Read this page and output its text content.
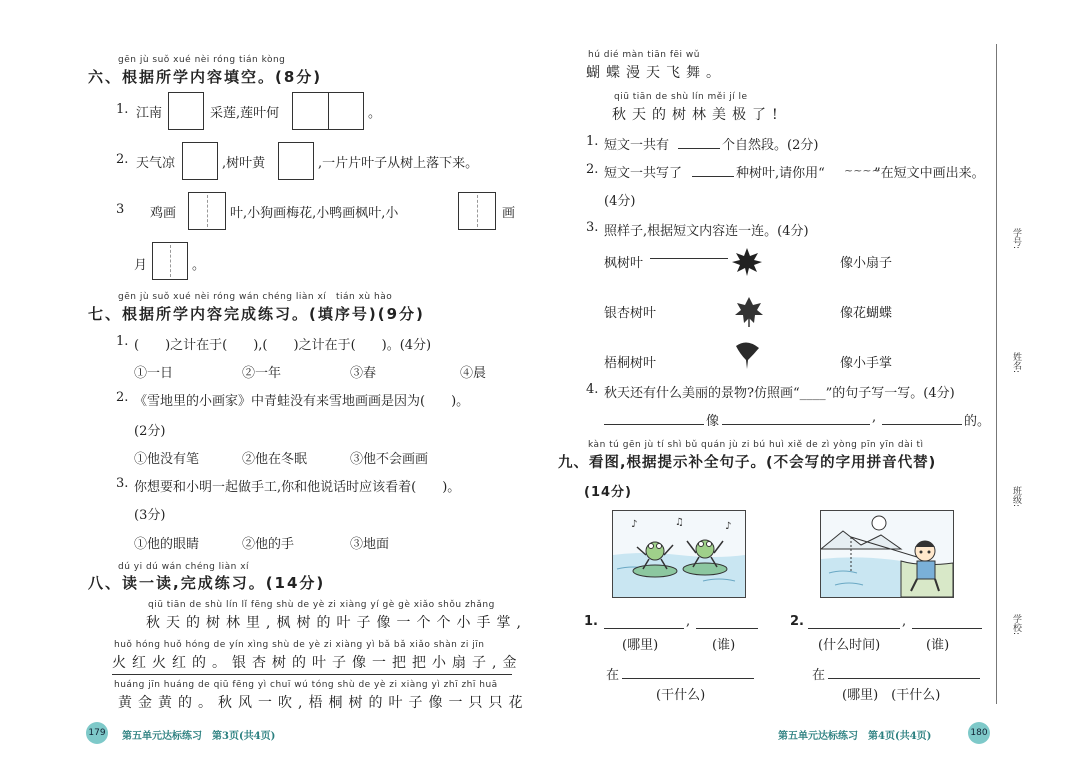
gēn jù suǒ xué nèi róng tián kòng
六、根据所学内容填空。(8分)
1. 江南	采莲,莲叶何	。
2. 天气凉	,树叶黄	,一片片叶子从树上落下来。
3 鸡画	叶,小狗画梅花,小鸭画枫叶,小	画
月	。
gēn jù suǒ xué nèi róng wán chéng liàn xí tián xù hào
七、根据所学内容完成练习。(填序号)(9分)
1. (　　)之计在于(　　),(　　)之计在于(　　)。(4分)
①一日	②一年	③春	④晨
2. 《雪地里的小画家》中青蛙没有来雪地画画是因为(　　)。
(2分)
①他没有笔	②他在冬眠	③他不会画画
3. 你想要和小明一起做手工,你和他说话时应该看着(　　)。
(3分)
①他的眼睛	②他的手	③地面
dú yi dú wán chéng liàn xí
八、读一读,完成练习。(14分)
qiū tiān de shù lín lǐ fēng shù de yè zi xiàng yí gè gè xiǎo shǒu zhǎng
秋天的树林里,枫树的叶子像一个个小手掌,
huǒ hóng huǒ hóng de yín xìng shù de yè zi xiàng yì bǎ bǎ xiǎo shàn zi jīn
火红火红的。银杏树的叶子像一把把小扇子,金
huáng jīn huáng de qiū fēng yì chuī wú tóng shù de yè zi xiàng yì zhī zhī huā
黄金黄的。秋风一吹,梧桐树的叶子像一只只花
179 第五单元达标练习　第3页(共4页)
hú dié màn tiān fēi wǔ
蝴蝶漫天飞舞。
qiū tiān de shù lín měi jí le
秋天的树林美极了!
1. 短文一共有	个自然段。(2分)
2. 短文一共写了	种树叶,请你用“ ~~~~
”在短文中画出来。
(4分)
3. 照样子,根据短文内容连一连。(4分)
枫树叶	像小扇子
银杏树叶	像花蝴蝶
梧桐树叶	像小手掌
4. 秋天还有什么美丽的景物?仿照画“____”的句子写一写。(4分)
像	,	的。
kàn tú gēn jù tí shì bǔ quán jù zi bú huì xiě de zì yòng pīn yīn dài tì
九、看图,根据提示补全句子。(不会写的字用拼音代替)
(14分)
♪	♫	♪
1.	,
(哪里)	(谁)
在
(干什么)
2.	,
(什么时间)	(谁)
在
(哪里)　(干什么)
学号:
姓名:
班级:
学校:
第五单元达标练习　第4页(共4页)	180
